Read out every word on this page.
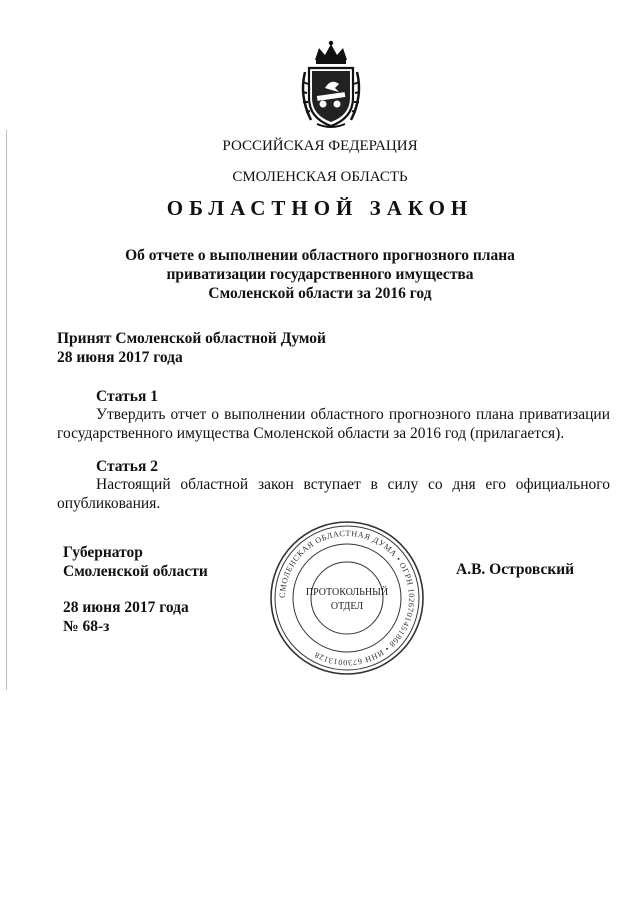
РОССИЙСКАЯ ФЕДЕРАЦИЯ
СМОЛЕНСКАЯ ОБЛАСТЬ
ОБЛАСТНОЙ ЗАКОН
Об отчете о выполнении областного прогнозного плана
приватизации государственного имущества
Смоленской области за 2016 год
Принят Смоленской областной Думой
28 июня 2017 года
Статья 1
Утвердить отчет о выполнении областного прогнозного плана приватизации
государственного имущества Смоленской области за 2016 год (прилагается).
Статья 2
Настоящий областной закон вступает в силу со дня его официального
опубликования.
Губернатор
Смоленской области
28 июня 2017 года
№ 68-з
А.В. Островский
СМОЛЕНСКАЯ ОБЛАСТНАЯ ДУМА • ОГРН 1026701451868 • ИНН 6730013128
ПРОТОКОЛЬНЫЙ
ОТДЕЛ
